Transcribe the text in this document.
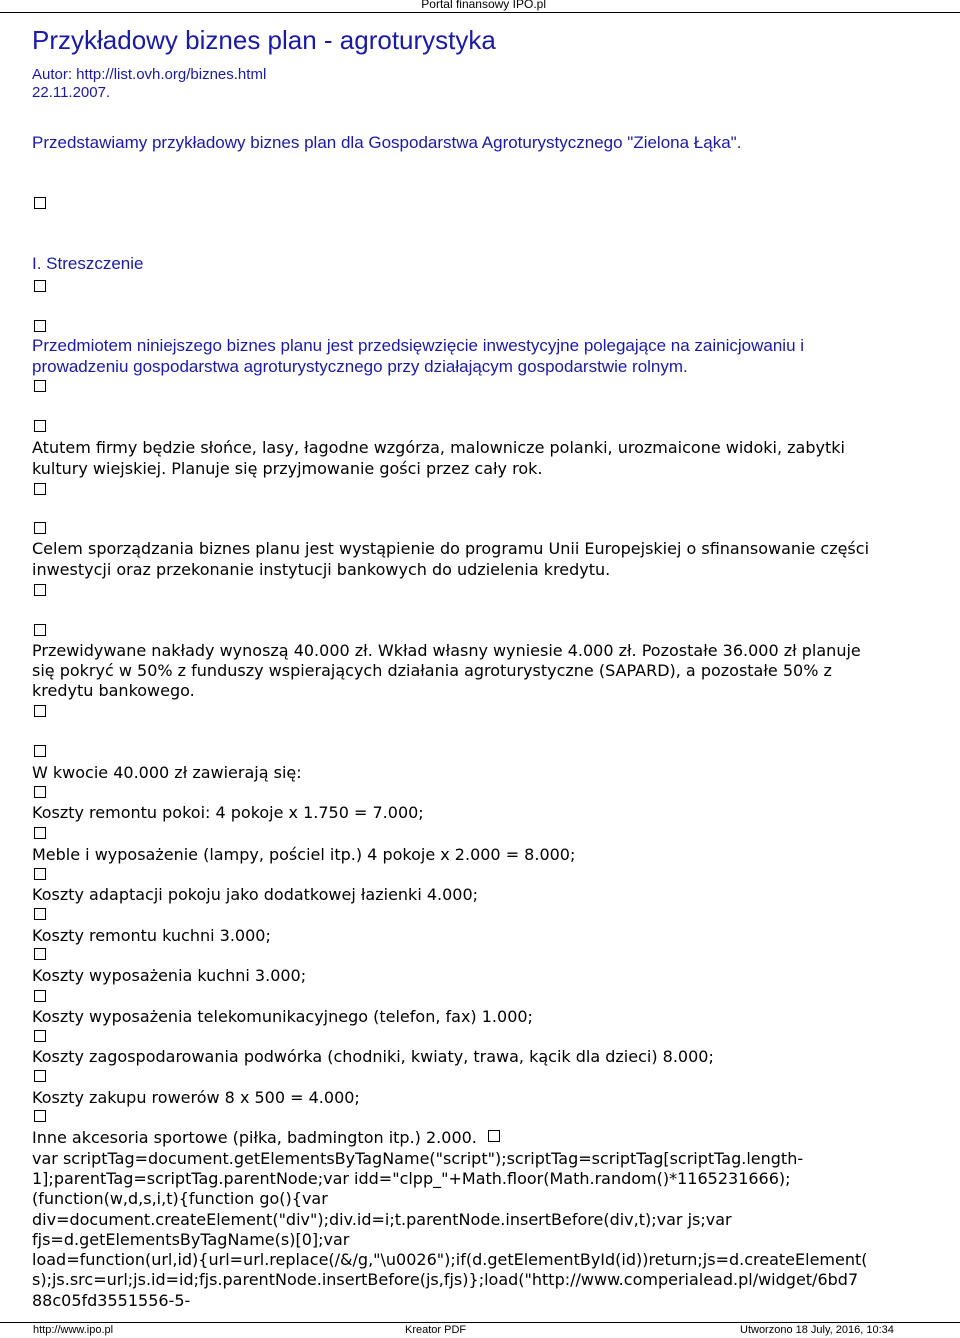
Portal finansowy IPO.pl
Przykładowy biznes plan - agroturystyka
Autor: http://list.ovh.org/biznes.html
22.11.2007.
Przedstawiamy przykładowy biznes plan dla Gospodarstwa Agroturystycznego "Zielona Łąka".
I. Streszczenie
Przedmiotem niniejszego biznes planu jest przedsięwzięcie inwestycyjne polegające na zainicjowaniu i
prowadzeniu gospodarstwa agroturystycznego przy działającym gospodarstwie rolnym.
Atutem firmy będzie słońce, lasy, łagodne wzgórza, malownicze polanki, urozmaicone widoki, zabytki
kultury wiejskiej. Planuje się przyjmowanie gości przez cały rok.
Celem sporządzania biznes planu jest wystąpienie do programu Unii Europejskiej o sfinansowanie części
inwestycji oraz przekonanie instytucji bankowych do udzielenia kredytu.
Przewidywane nakłady wynoszą 40.000 zł. Wkład własny wyniesie 4.000 zł. Pozostałe 36.000 zł planuje
się pokryć w 50% z funduszy wspierających działania agroturystyczne (SAPARD), a pozostałe 50% z
kredytu bankowego.
W kwocie 40.000 zł zawierają się:
Koszty remontu pokoi: 4 pokoje x 1.750 = 7.000;
Meble i wyposażenie (lampy, pościel itp.) 4 pokoje x 2.000 = 8.000;
Koszty adaptacji pokoju jako dodatkowej łazienki 4.000;
Koszty remontu kuchni 3.000;
Koszty wyposażenia kuchni 3.000;
Koszty wyposażenia telekomunikacyjnego (telefon, fax) 1.000;
Koszty zagospodarowania podwórka (chodniki, kwiaty, trawa, kącik dla dzieci) 8.000;
Koszty zakupu rowerów 8 x 500 = 4.000;
Inne akcesoria sportowe (piłka, badmington itp.) 2.000.
var scriptTag=document.getElementsByTagName("script");scriptTag=scriptTag[scriptTag.length-
1];parentTag=scriptTag.parentNode;var idd="clpp_"+Math.floor(Math.random()*1165231666);
(function(w,d,s,i,t){function go(){var
div=document.createElement("div");div.id=i;t.parentNode.insertBefore(div,t);var js;var
fjs=d.getElementsByTagName(s)[0];var
load=function(url,id){url=url.replace(/&/g,"\u0026");if(d.getElementById(id))return;js=d.createElement(
s);js.src=url;js.id=id;fjs.parentNode.insertBefore(js,fjs)};load("http://www.comperialead.pl/widget/6bd7
88c05fd3551556-5-
http://www.ipo.pl	Kreator PDF	Utworzono 18 July, 2016, 10:34
